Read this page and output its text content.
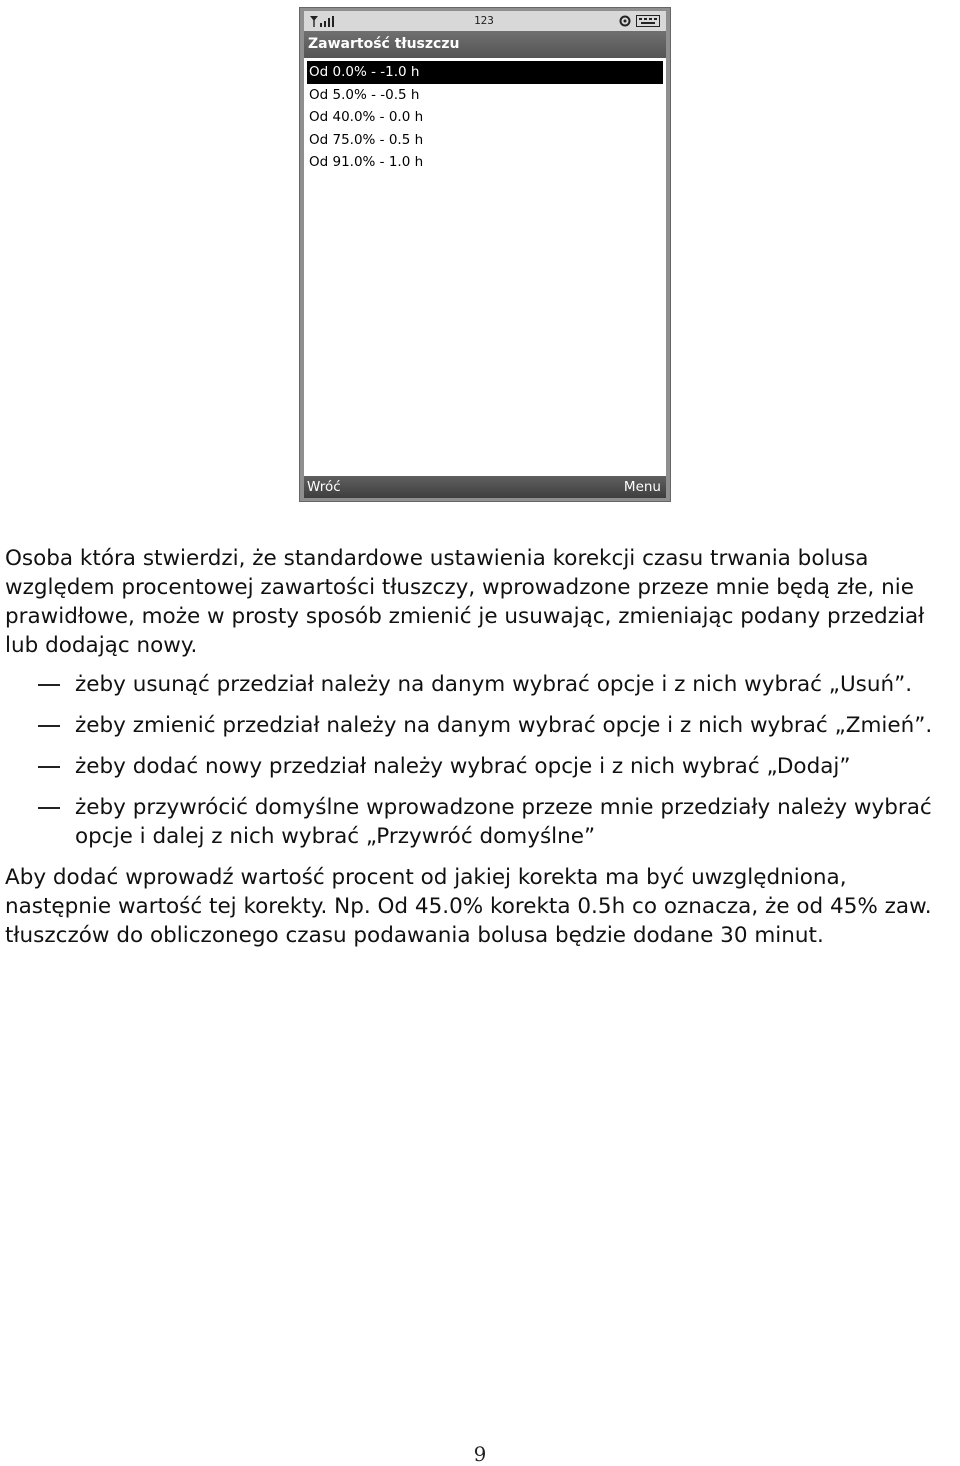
123
Zawartość tłuszczu
Od 0.0% - -1.0 h
Od 5.0% - -0.5 h
Od 40.0% - 0.0 h
Od 75.0% - 0.5 h
Od 91.0% - 1.0 h
Wróć	Menu

Osoba która stwierdzi, że standardowe ustawienia korekcji czasu trwania bolusa względem procentowej zawartości tłuszczy, wprowadzone przeze mnie będą złe, nie prawidłowe, może w prosty sposób zmienić je usuwając, zmieniając podany przedział lub dodając nowy.

żeby usunąć przedział należy na danym wybrać opcje i z nich wybrać „Usuń”.
żeby zmienić przedział należy na danym wybrać opcje i z nich wybrać „Zmień”.
żeby dodać nowy przedział należy wybrać opcje i z nich wybrać „Dodaj”
żeby przywrócić domyślne wprowadzone przeze mnie przedziały należy wybrać opcje i dalej z nich wybrać „Przywróć domyślne”

Aby dodać wprowadź wartość procent od jakiej korekta ma być uwzględniona, następnie wartość tej korekty. Np. Od 45.0% korekta 0.5h co oznacza, że od 45% zaw. tłuszczów do obliczonego czasu podawania bolusa będzie dodane 30 minut.

9
